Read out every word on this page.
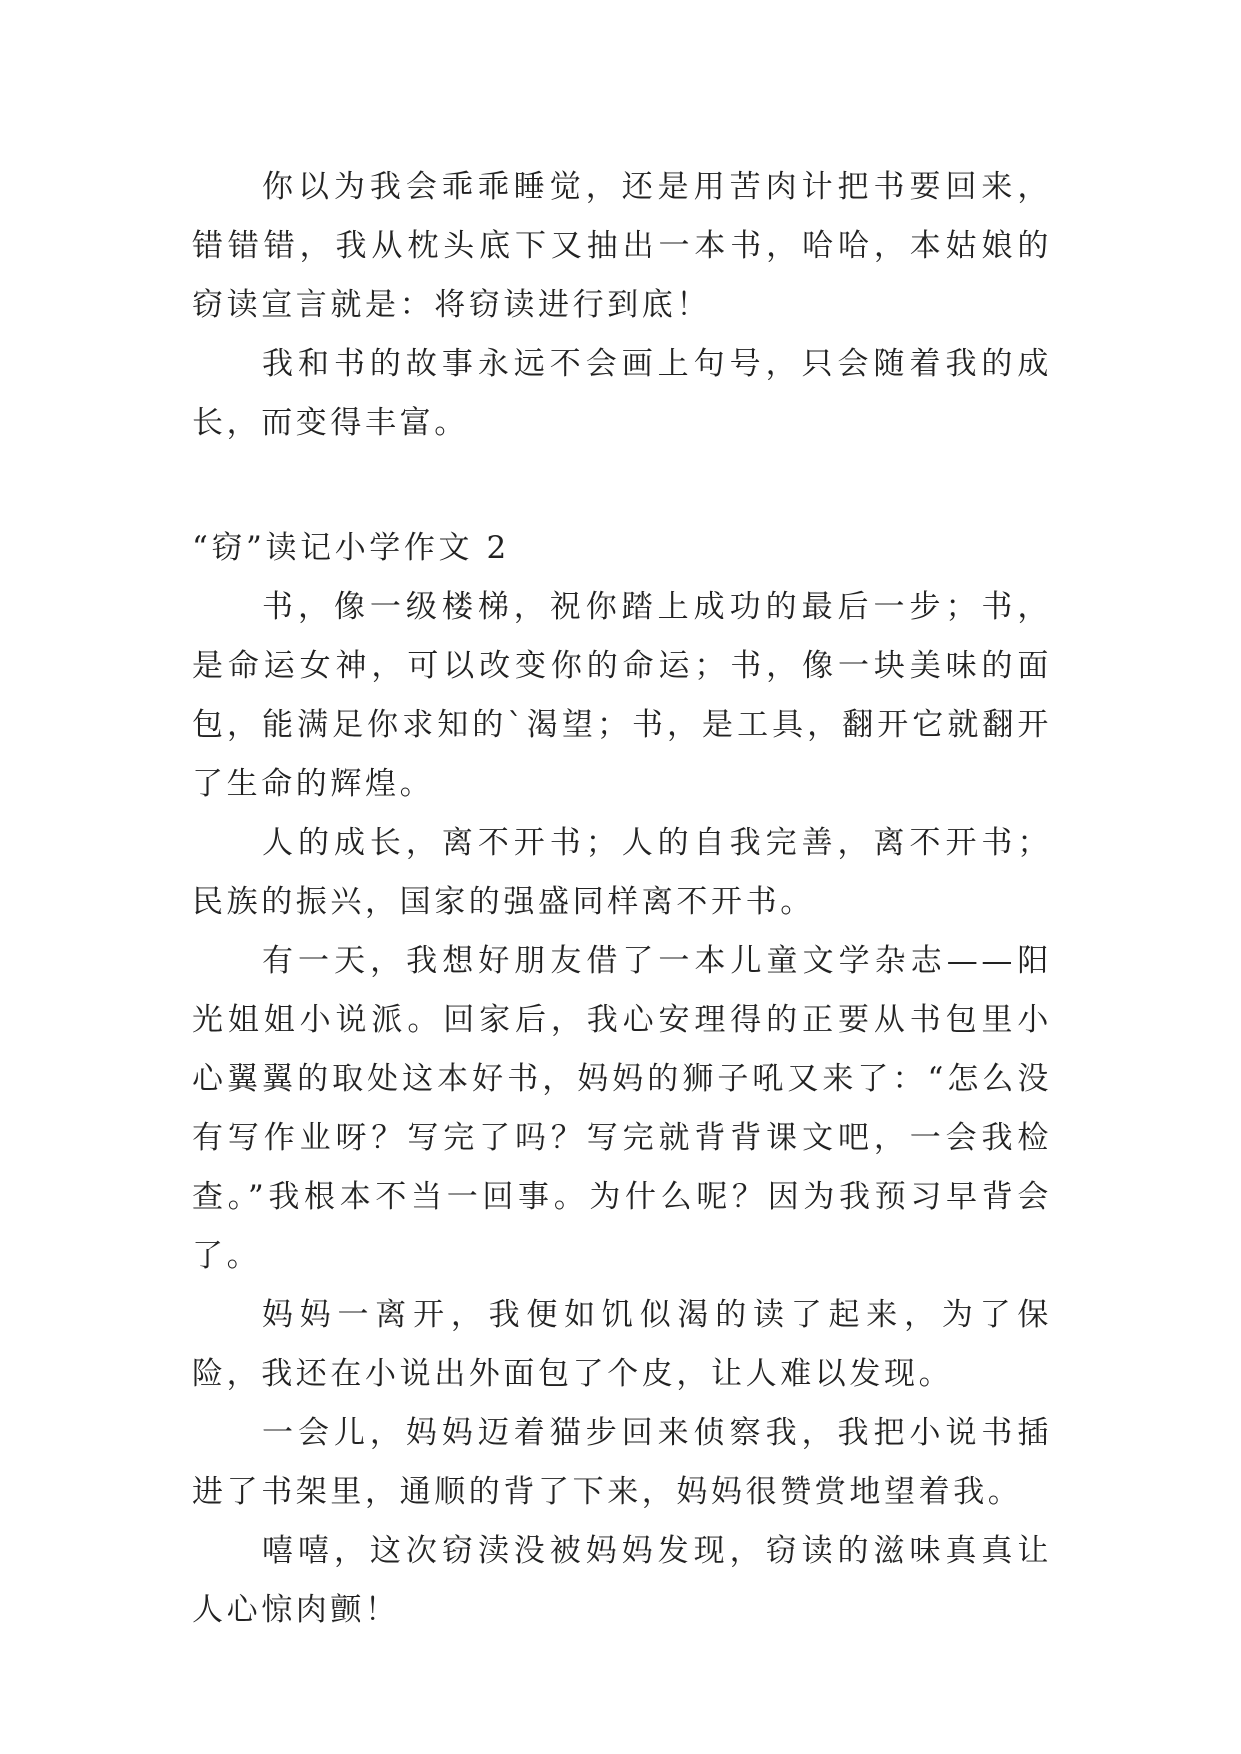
你以为我会乖乖睡觉，还是用苦肉计把书要回来，错错错，我从枕头底下又抽出一本书，哈哈，本姑娘的窃读宣言就是：将窃读进行到底！

我和书的故事永远不会画上句号，只会随着我的成长，而变得丰富。

“窃”读记小学作文 2

书，像一级楼梯，祝你踏上成功的最后一步；书，是命运女神，可以改变你的命运；书，像一块美味的面包，能满足你求知的`渴望；书，是工具，翻开它就翻开了生命的辉煌。

人的成长，离不开书；人的自我完善，离不开书；民族的振兴，国家的强盛同样离不开书。

有一天，我想好朋友借了一本儿童文学杂志——阳光姐姐小说派。回家后，我心安理得的正要从书包里小心翼翼的取处这本好书，妈妈的狮子吼又来了：“怎么没有写作业呀？写完了吗？写完就背背课文吧，一会我检查。”我根本不当一回事。为什么呢？因为我预习早背会了。

妈妈一离开，我便如饥似渴的读了起来，为了保险，我还在小说出外面包了个皮，让人难以发现。

一会儿，妈妈迈着猫步回来侦察我，我把小说书插进了书架里，通顺的背了下来，妈妈很赞赏地望着我。

嘻嘻，这次窃渎没被妈妈发现，窃读的滋味真真让人心惊肉颤！
